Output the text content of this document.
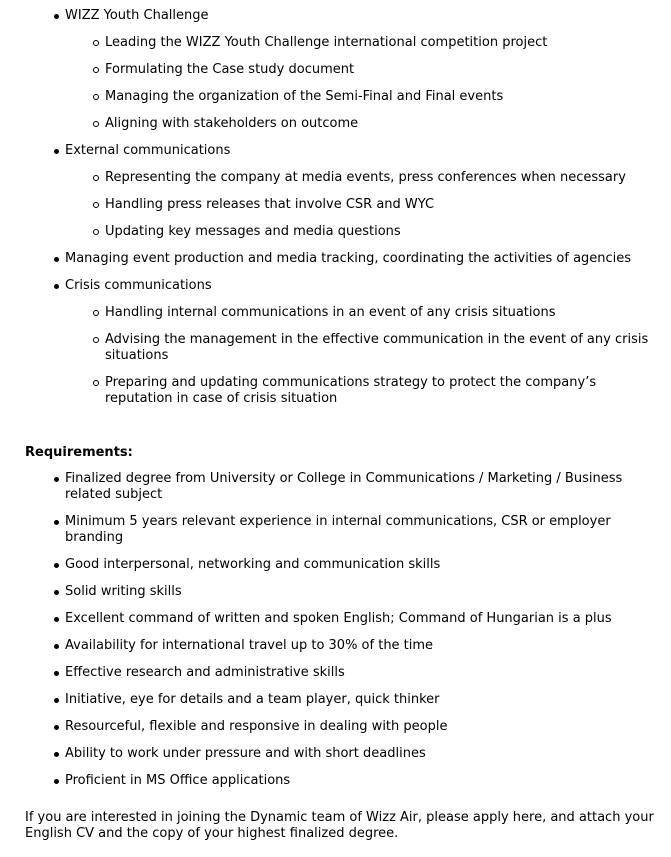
WIZZ Youth Challenge
Leading the WIZZ Youth Challenge international competition project
Formulating the Case study document
Managing the organization of the Semi-Final and Final events
Aligning with stakeholders on outcome
External communications
Representing the company at media events, press conferences when necessary
Handling press releases that involve CSR and WYC
Updating key messages and media questions
Managing event production and media tracking, coordinating the activities of agencies
Crisis communications
Handling internal communications in an event of any crisis situations
Advising the management in the effective communication in the event of any crisis situations
Preparing and updating communications strategy to protect the company’s reputation in case of crisis situation
Requirements:
Finalized degree from University or College in Communications / Marketing / Business related subject
Minimum 5 years relevant experience in internal communications, CSR or employer branding
Good interpersonal, networking and communication skills
Solid writing skills
Excellent command of written and spoken English; Command of Hungarian is a plus
Availability for international travel up to 30% of the time
Effective research and administrative skills
Initiative, eye for details and a team player, quick thinker
Resourceful, flexible and responsive in dealing with people
Ability to work under pressure and with short deadlines
Proficient in MS Office applications
If you are interested in joining the Dynamic team of Wizz Air, please apply here, and attach your English CV and the copy of your highest finalized degree.
